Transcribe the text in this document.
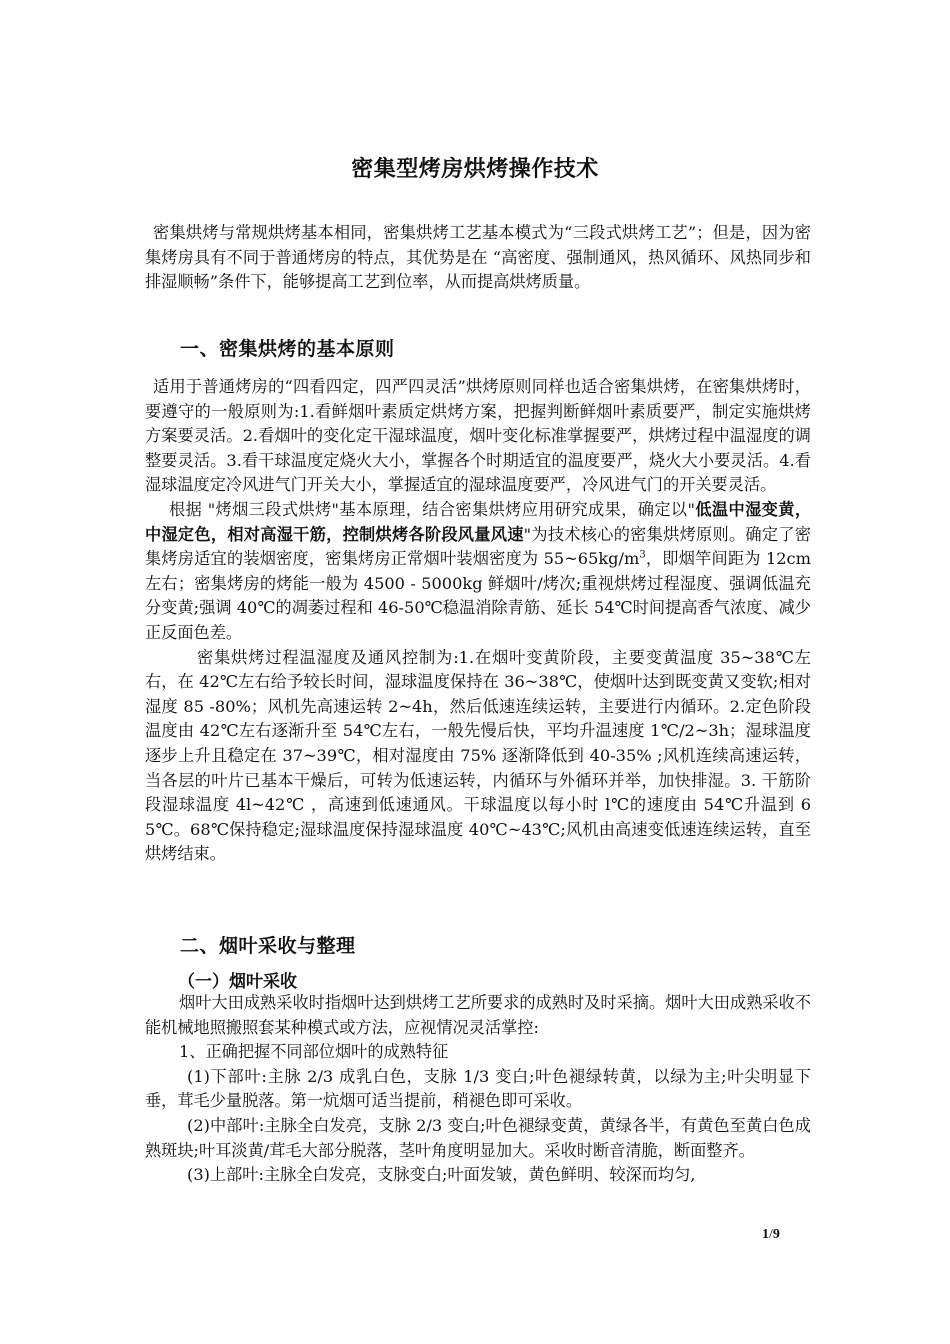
密集型烤房烘烤操作技术

密集烘烤与常规烘烤基本相同，密集烘烤工艺基本模式为“三段式烘烤工艺”；但是，因为密集烤房具有不同于普通烤房的特点，其优势是在 “高密度、强制通风，热风循环、风热同步和排湿顺畅”条件下，能够提高工艺到位率，从而提高烘烤质量。

一、密集烘烤的基本原则

适用于普通烤房的“四看四定，四严四灵活”烘烤原则同样也适合密集烘烤，在密集烘烤时，要遵守的一般原则为:1.看鲜烟叶素质定烘烤方案，把握判断鲜烟叶素质要严，制定实施烘烤方案要灵活。2.看烟叶的变化定干湿球温度，烟叶变化标准掌握要严，烘烤过程中温湿度的调整要灵活。3.看干球温度定烧火大小，掌握各个时期适宜的温度要严，烧火大小要灵活。4.看湿球温度定冷风进气门开关大小，掌握适宜的湿球温度要严，冷风进气门的开关要灵活。

根据 "烤烟三段式烘烤"基本原理，结合密集烘烤应用研究成果，确定以"低温中湿变黄，中湿定色，相对高湿干筋，控制烘烤各阶段风量风速"为技术核心的密集烘烤原则。确定了密集烤房适宜的装烟密度，密集烤房正常烟叶装烟密度为 $55\sim 65kg/m^3$，即烟竿间距为 12cm 左右；密集烤房的烤能一般为 4500 - 5000kg 鲜烟叶/烤次;重视烘烤过程湿度、强调低温充分变黄;强调 40℃的凋萎过程和 46-50℃稳温消除青筋、延长 54℃时间提高香气浓度、减少正反面色差。

密集烘烤过程温湿度及通风控制为:1.在烟叶变黄阶段，主要变黄温度 35~38℃左右，在 42℃左右给予较长时间，湿球温度保持在 36~38℃，使烟叶达到既变黄又变软;相对湿度 85 -80%；风机先高速运转 2~4h，然后低速连续运转，主要进行内循环。2.定色阶段温度由 42℃左右逐渐升至 54℃左右，一般先慢后快，平均升温速度 1℃/2~3h；湿球温度逐步上升且稳定在 37~39℃，相对湿度由 75% 逐渐降低到 40-35% ;风机连续高速运转，当各层的叶片已基本干燥后，可转为低速运转，内循环与外循环并举，加快排湿。3. 干筋阶段湿球温度 4l~42℃ ，高速到低速通风。干球温度以每小时 l℃的速度由 54℃升温到 65℃。68℃保持稳定;湿球温度保持湿球温度 40℃~43℃;风机由高速变低速连续运转，直至烘烤结束。

二、烟叶采收与整理
（一）烟叶采收

烟叶大田成熟采收时指烟叶达到烘烤工艺所要求的成熟时及时采摘。烟叶大田成熟采收不能机械地照搬照套某种模式或方法，应视情况灵活掌控:

1、正确把握不同部位烟叶的成熟特征

(1)下部叶:主脉 2/3 成乳白色，支脉 1/3 变白;叶色褪绿转黄，以绿为主;叶尖明显下垂，茸毛少量脱落。第一炕烟可适当提前，稍褪色即可采收。

(2)中部叶:主脉全白发亮，支脉 2/3 变白;叶色褪绿变黄，黄绿各半，有黄色至黄白色成熟斑块;叶耳淡黄/茸毛大部分脱落，茎叶角度明显加大。采收时断音清脆，断面整齐。

(3)上部叶:主脉全白发亮，支脉变白;叶面发皱，黄色鲜明、较深而均匀,

1/9
